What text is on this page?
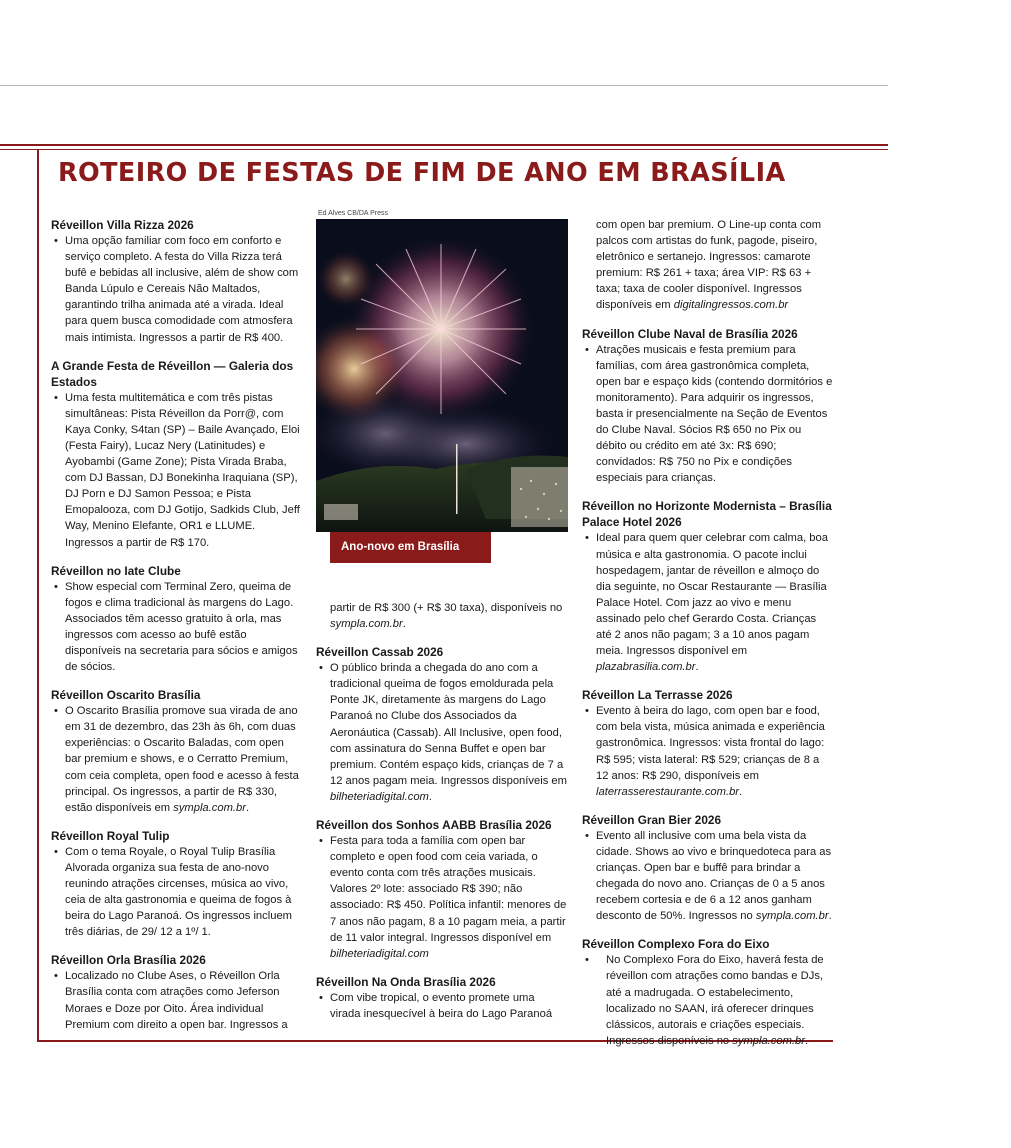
ROTEIRO DE FESTAS DE FIM DE ANO EM BRASÍLIA
Réveillon Villa Rizza 2026
• Uma opção familiar com foco em conforto e serviço completo. A festa do Villa Rizza terá bufê e bebidas all inclusive, além de show com Banda Lúpulo e Cereais Não Maltados, garantindo trilha animada até a virada. Ideal para quem busca comodidade com atmosfera mais intimista. Ingressos a partir de R$ 400.
A Grande Festa de Réveillon — Galeria dos Estados
• Uma festa multitemática e com três pistas simultâneas: Pista Réveillon da Porr@, com Kaya Conky, S4tan (SP) – Baile Avançado, Eloi (Festa Fairy), Lucaz Nery (Latinitudes) e Ayobambi (Game Zone); Pista Virada Braba, com DJ Bassan, DJ Bonekinha Iraquiana (SP), DJ Porn e DJ Samon Pessoa; e Pista Emopalooza, com DJ Gotijo, Sadkids Club, Jeff Way, Menino Elefante, OR1 e LLUME. Ingressos a partir de R$ 170.
Réveillon no Iate Clube
• Show especial com Terminal Zero, queima de fogos e clima tradicional às margens do Lago. Associados têm acesso gratuito à orla, mas ingressos com acesso ao bufê estão disponíveis na secretaria para sócios e amigos de sócios.
Réveillon Oscarito Brasília
• O Oscarito Brasília promove sua virada de ano em 31 de dezembro, das 23h às 6h, com duas experiências: o Oscarito Baladas, com open bar premium e shows, e o Cerratto Premium, com ceia completa, open food e acesso à festa principal. Os ingressos, a partir de R$ 330, estão disponíveis em sympla.com.br.
Réveillon Royal Tulip
• Com o tema Royale, o Royal Tulip Brasília Alvorada organiza sua festa de ano-novo reunindo atrações circenses, música ao vivo, ceia de alta gastronomia e queima de fogos à beira do Lago Paranoá. Os ingressos incluem três diárias, de 29/ 12 a 1º/ 1.
Réveillon Orla Brasília 2026
• Localizado no Clube Ases, o Réveillon Orla Brasília conta com atrações como Jeferson Moraes e Doze por Oito. Área individual Premium com direito a open bar. Ingressos a
Ed Alves CB/DA Press
Ano-novo em Brasília
partir de R$ 300 (+ R$ 30 taxa), disponíveis no sympla.com.br.
Réveillon Cassab 2026
• O público brinda a chegada do ano com a tradicional queima de fogos emoldurada pela Ponte JK, diretamente às margens do Lago Paranoá no Clube dos Associados da Aeronáutica (Cassab). All Inclusive, open food, com assinatura do Senna Buffet e open bar premium. Contém espaço kids, crianças de 7 a 12 anos pagam meia. Ingressos disponíveis em bilheteriadigital.com.
Réveillon dos Sonhos AABB Brasília 2026
• Festa para toda a família com open bar completo e open food com ceia variada, o evento conta com três atrações musicais. Valores 2º lote: associado R$ 390; não associado: R$ 450. Política infantil: menores de 7 anos não pagam, 8 a 10 pagam meia, a partir de 11 valor integral. Ingressos disponível em bilheteriadigital.com
Réveillon Na Onda Brasília 2026
• Com vibe tropical, o evento promete uma virada inesquecível à beira do Lago Paranoá
com open bar premium. O Line-up conta com palcos com artistas do funk, pagode, piseiro, eletrônico e sertanejo. Ingressos: camarote premium: R$ 261 + taxa; área VIP: R$ 63 + taxa; taxa de cooler disponível. Ingressos disponíveis em digitalingressos.com.br
Réveillon Clube Naval de Brasília 2026
• Atrações musicais e festa premium para famílias, com área gastronômica completa, open bar e espaço kids (contendo dormitórios e monitoramento). Para adquirir os ingressos, basta ir presencialmente na Seção de Eventos do Clube Naval. Sócios R$ 650 no Pix ou débito ou crédito em até 3x: R$ 690; convidados: R$ 750 no Pix e condições especiais para crianças.
Réveillon no Horizonte Modernista – Brasília Palace Hotel 2026
• Ideal para quem quer celebrar com calma, boa música e alta gastronomia. O pacote inclui hospedagem, jantar de réveillon e almoço do dia seguinte, no Oscar Restaurante — Brasília Palace Hotel. Com jazz ao vivo e menu assinado pelo chef Gerardo Costa. Crianças até 2 anos não pagam; 3 a 10 anos pagam meia. Ingressos disponível em plazabrasilia.com.br.
Réveillon La Terrasse 2026
• Evento à beira do lago, com open bar e food, com bela vista, música animada e experiência gastronômica. Ingressos: vista frontal do lago: R$ 595; vista lateral: R$ 529; crianças de 8 a 12 anos: R$ 290, disponíveis em laterrasserestaurante.com.br.
Réveillon Gran Bier 2026
• Evento all inclusive com uma bela vista da cidade. Shows ao vivo e brinquedoteca para as crianças. Open bar e buffê para brindar a chegada do novo ano. Crianças de 0 a 5 anos recebem cortesia e de 6 a 12 anos ganham desconto de 50%. Ingressos no sympla.com.br.
Réveillon Complexo Fora do Eixo
• No Complexo Fora do Eixo, haverá festa de réveillon com atrações como bandas e DJs, até a madrugada. O estabelecimento, localizado no SAAN, irá oferecer drinques clássicos, autorais e criações especiais. Ingressos disponíveis no sympla.com.br.
